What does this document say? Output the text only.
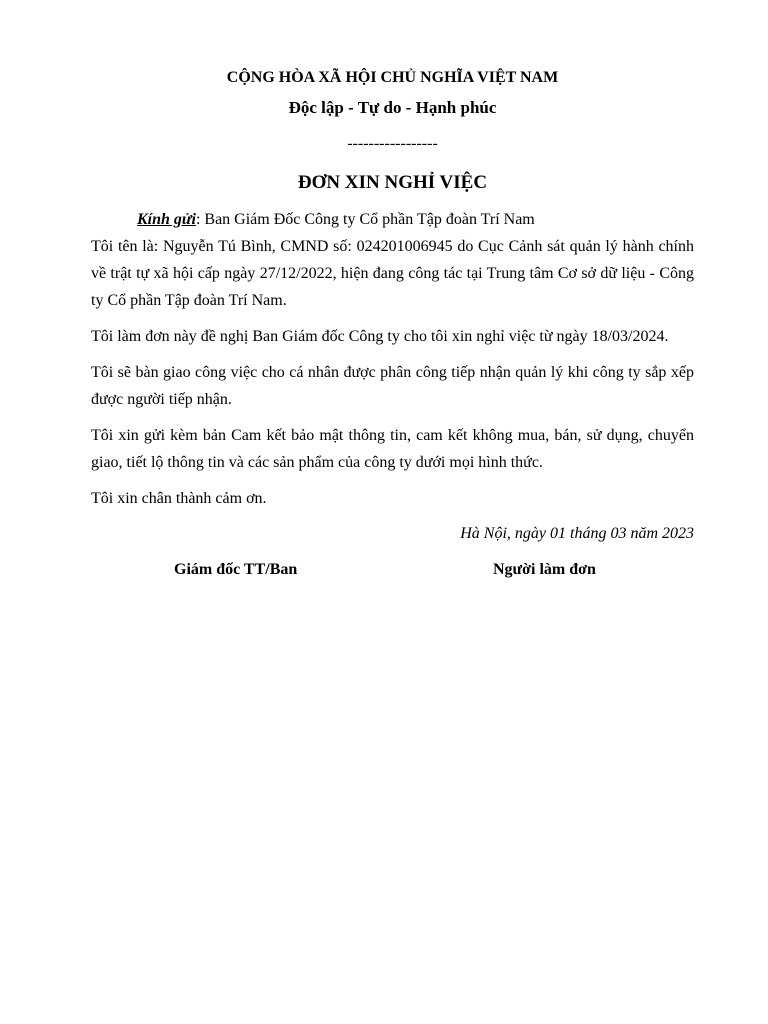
CỘNG HÒA XÃ HỘI CHỦ NGHĨA VIỆT NAM
Độc lập - Tự do - Hạnh phúc
-----------------
ĐƠN XIN NGHỈ VIỆC
Kính gửi: Ban Giám Đốc Công ty Cổ phần Tập đoàn Trí Nam
Tôi tên là: Nguyễn Tú Bình, CMND số: 024201006945 do Cục Cảnh sát quản lý hành chính về trật tự xã hội cấp ngày 27/12/2022, hiện đang công tác tại Trung tâm Cơ sở dữ liệu - Công ty Cổ phần Tập đoàn Trí Nam.
Tôi làm đơn này đề nghị Ban Giám đốc Công ty cho tôi xin nghỉ việc từ ngày 18/03/2024.
Tôi sẽ bàn giao công việc cho cá nhân được phân công tiếp nhận quản lý khi công ty sắp xếp được người tiếp nhận.
Tôi xin gửi kèm bản Cam kết bảo mật thông tin, cam kết không mua, bán, sử dụng, chuyển giao, tiết lộ thông tin và các sản phẩm của công ty dưới mọi hình thức.
Tôi xin chân thành cảm ơn.
Hà Nội, ngày 01 tháng 03 năm 2023
Giám đốc TT/Ban	Người làm đơn
